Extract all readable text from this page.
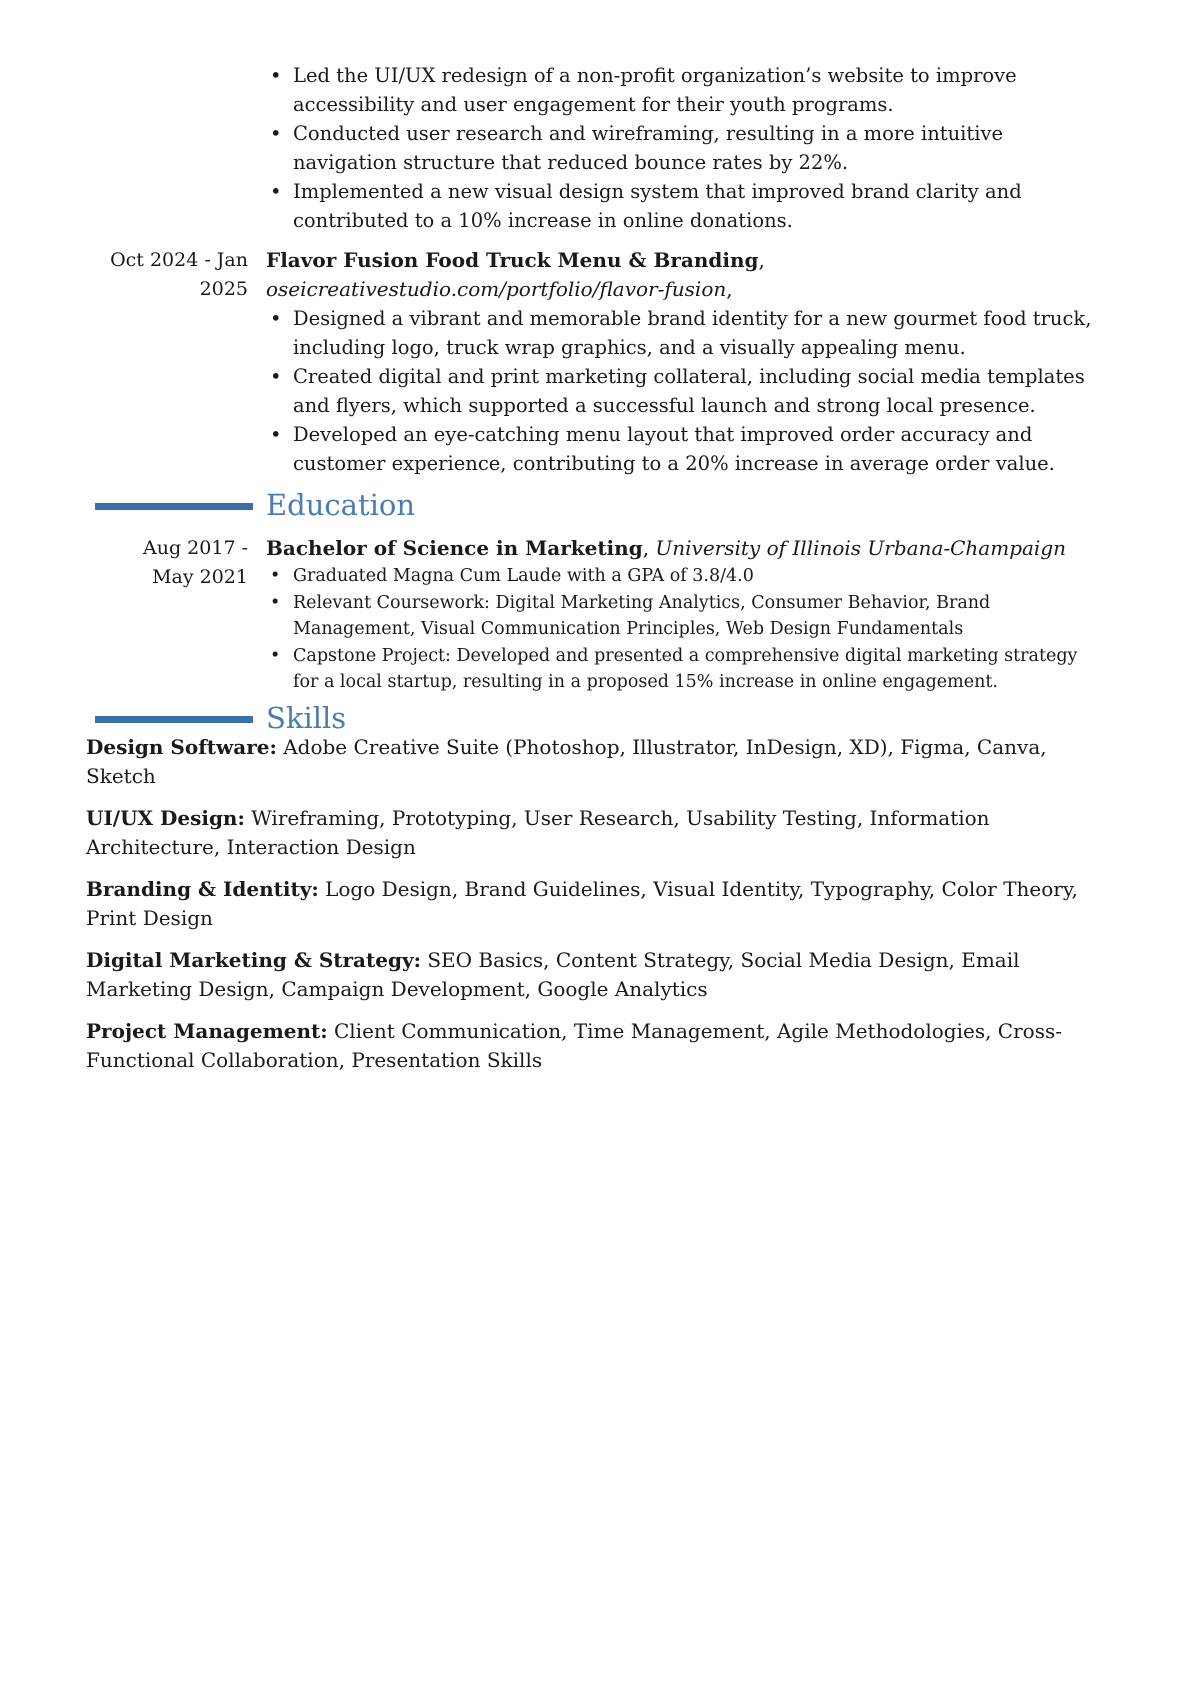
• Led the UI/UX redesign of a non-profit organization’s website to improve accessibility and user engagement for their youth programs.
• Conducted user research and wireframing, resulting in a more intuitive navigation structure that reduced bounce rates by 22%.
• Implemented a new visual design system that improved brand clarity and contributed to a 10% increase in online donations.
Oct 2024 - Jan
2025
Flavor Fusion Food Truck Menu & Branding, oseicreativestudio.com/portfolio/flavor-fusion,
• Designed a vibrant and memorable brand identity for a new gourmet food truck, including logo, truck wrap graphics, and a visually appealing menu.
• Created digital and print marketing collateral, including social media templates and flyers, which supported a successful launch and strong local presence.
• Developed an eye-catching menu layout that improved order accuracy and customer experience, contributing to a 20% increase in average order value.
Education
Aug 2017 -
May 2021
Bachelor of Science in Marketing, University of Illinois Urbana-Champaign
• Graduated Magna Cum Laude with a GPA of 3.8/4.0
• Relevant Coursework: Digital Marketing Analytics, Consumer Behavior, Brand Management, Visual Communication Principles, Web Design Fundamentals
• Capstone Project: Developed and presented a comprehensive digital marketing strategy for a local startup, resulting in a proposed 15% increase in online engagement.
Skills
Design Software: Adobe Creative Suite (Photoshop, Illustrator, InDesign, XD), Figma, Canva, Sketch
UI/UX Design: Wireframing, Prototyping, User Research, Usability Testing, Information Architecture, Interaction Design
Branding & Identity: Logo Design, Brand Guidelines, Visual Identity, Typography, Color Theory, Print Design
Digital Marketing & Strategy: SEO Basics, Content Strategy, Social Media Design, Email Marketing Design, Campaign Development, Google Analytics
Project Management: Client Communication, Time Management, Agile Methodologies, Cross-Functional Collaboration, Presentation Skills
